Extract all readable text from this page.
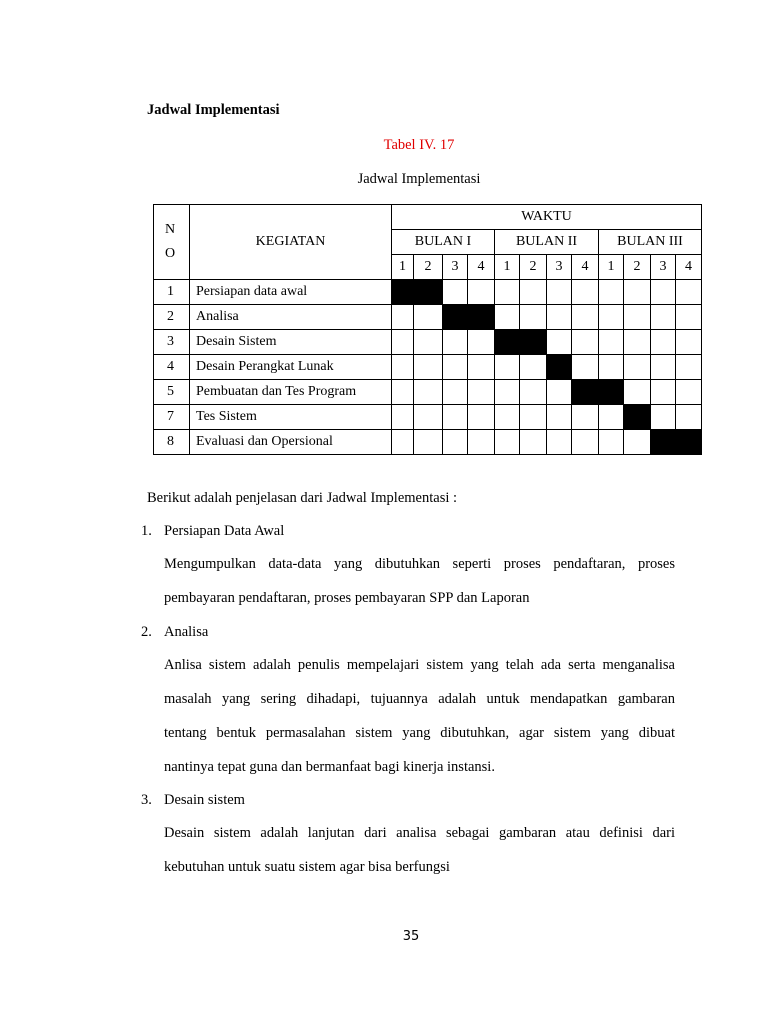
Jadwal Implementasi
Tabel IV. 17
Jadwal Implementasi
N
O	KEGIATAN	WAKTU											
		BULAN I				BULAN II				BULAN III			
		1	2	3	4	1	2	3	4	1	2	3	4
1	Persiapan data awal												
2	Analisa												
3	Desain Sistem												
4	Desain Perangkat Lunak												
5	Pembuatan dan Tes Program												
7	Tes Sistem												
8	Evaluasi dan Opersional												
Berikut adalah penjelasan dari Jadwal Implementasi :
1. Persiapan Data Awal
Mengumpulkan data-data yang dibutuhkan seperti proses pendaftaran, proses
pembayaran pendaftaran, proses pembayaran SPP dan Laporan
2. Analisa
Anlisa sistem adalah penulis mempelajari sistem yang telah ada serta menganalisa
masalah yang sering dihadapi, tujuannya adalah untuk mendapatkan gambaran
tentang bentuk permasalahan sistem yang dibutuhkan, agar sistem yang dibuat
nantinya tepat guna dan bermanfaat bagi kinerja instansi.
3. Desain sistem
Desain sistem adalah lanjutan dari analisa sebagai gambaran atau definisi dari
kebutuhan untuk suatu sistem agar bisa berfungsi
35
